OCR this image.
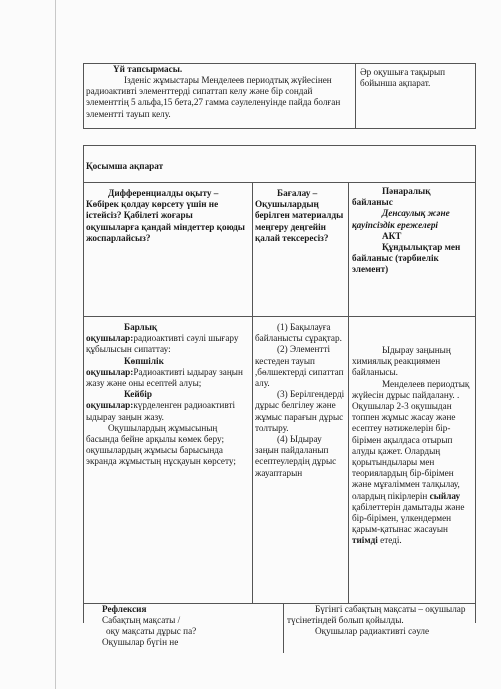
Үй тапсырмасы.
Ізденіс жұмыстары Менделеев периодтық жүйесінен радиоактивті элементтерді сипаттап келу және бір сондай элементтің 5 альфа,15 бета,27 гамма сәулеленуінде пайда болған элементті тауып келу.
Әр оқушыға тақырып бойынша ақпарат.
Қосымша ақпарат
Дифференциалды оқыту – Көбірек қолдау көрсету үшін не істейсіз? Қабілеті жоғары оқушыларға қандай міндеттер қоюды жоспарлайсыз?
Бағалау – Оқушылардың берілген материалды меңгеру деңгейін қалай тексересіз?
Пәнаралық байланыс
Денсаулық және қауіпсіздік ережелері
АКТ
Құндылықтар мен байланыс (тәрбиелік элемент)

Барлық оқушылар:радиоактивті сәулі шығару құбылысын сипаттау:

Көпшілік оқушылар:Радиоактивті ыдырау заңын жазу және оны есептей алуы;

Кейбір оқушылар:күрделенген радиоактивті ыдырау заңын жазу.

Оқушылардың жұмысының басында бейне арқылы көмек беру; оқушылардың жұмысы барысында экранда жұмыстың нұсқауын көрсету;

(1) Бақылауға байланысты сұрақтар.

(2) Элементті кестеден тауып ,бөлшектерді сипаттап алу.

(3) Берілгендерді дұрыс белгілеу және жұмыс парағын дұрыс толтыру.

(4) Ыдырау заңын пайдаланып есептеулердің дұрыс жауаптарын

Ыдырау заңының химиялық реакциямен байланысы.

Менделеев периодтық жүйесін дұрыс пайдалану. . Оқушылар 2-3 оқушыдан топпен жұмыс жасау және есептеу нәтижелерін бір-бірімен ақылдаса отырып алуды қажет. Олардың қорытындылары мен теориялардың бір-бірімен және мұғаліммен талқылау, олардың пікірлерін сыйлау қабілеттерін дамытады және бір-бірімен, үлкендермен қарым-қатынас жасауын тиімді етеді.

Рефлексия
Сабақтың мақсаты /
оқу мақсаты дұрыс па?
Оқушылар бүгін не

Бүгінгі сабақтың мақсаты – оқушылар түсінетіндей болып қойылды.

Оқушылар радиактивті сәуле
